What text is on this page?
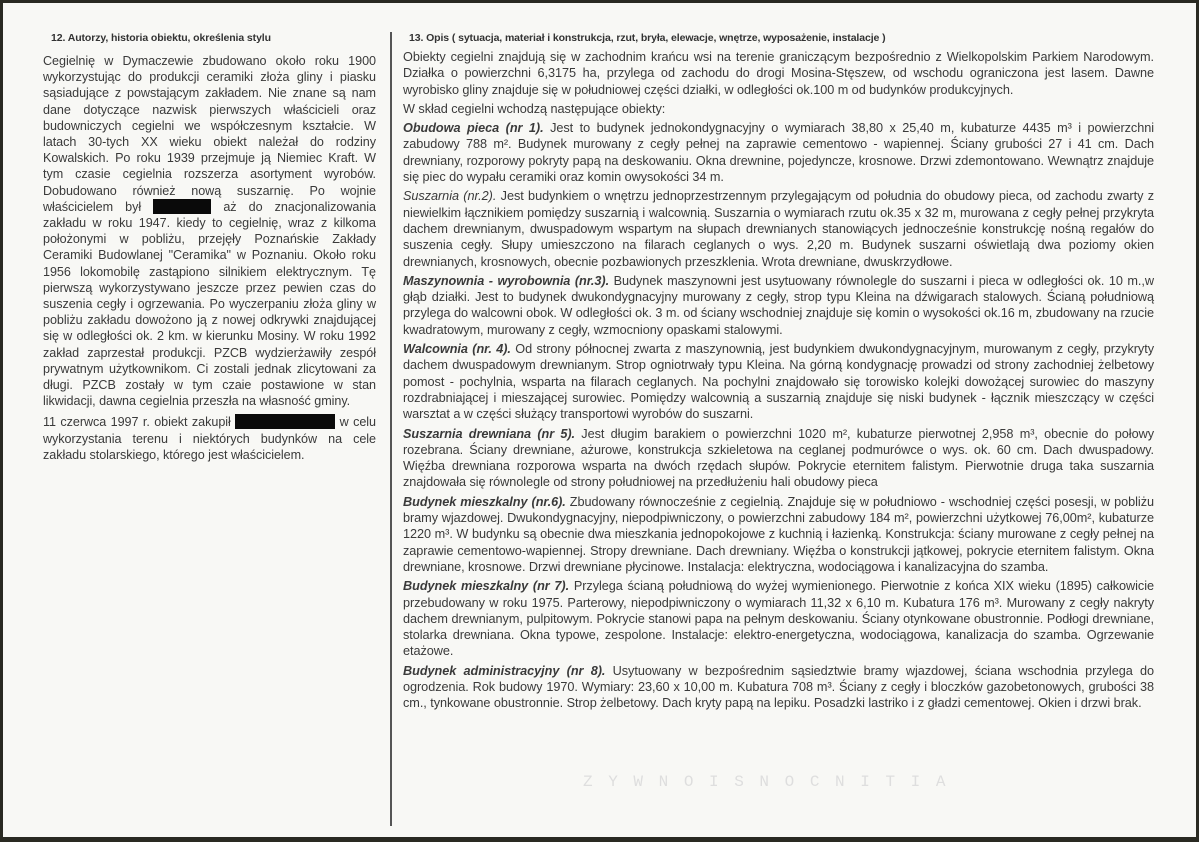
Z Y W N O I S N O C N I T I A
12. Autorzy, historia obiektu, określenia stylu

Cegielnię w Dymaczewie zbudowano około roku 1900 wykorzystując do produkcji ceramiki złoża gliny i piasku sąsiadujące z powstającym zakładem. Nie znane są nam dane dotyczące nazwisk pierwszych właścicieli oraz budowniczych cegielni we współczesnym kształcie. W latach 30-tych XX wieku obiekt należał do rodziny Kowalskich. Po roku 1939 przejmuje ją Niemiec Kraft. W tym czasie cegielnia rozszerza asortyment wyrobów. Dobudowano również nową suszarnię. Po wojnie właścicielem był	aż do znacjonalizowania zakładu w roku 1947. kiedy to cegielnię, wraz z kilkoma położonymi w pobliżu, przejęły Poznańskie Zakłady Ceramiki Budowlanej "Ceramika" w Poznaniu. Około roku 1956 lokomobilę zastąpiono silnikiem elektrycznym. Tę pierwszą wykorzystywano jeszcze przez pewien czas do suszenia cegły i ogrzewania. Po wyczerpaniu złoża gliny w pobliżu zakładu dowożono ją z nowej odkrywki znajdującej się w odległości ok. 2 km. w kierunku Mosiny. W roku 1992 zakład zaprzestał produkcji. PZCB wydzierżawiły zespół prywatnym użytkownikom. Ci zostali jednak zlicytowani za długi. PZCB zostały w tym czaie postawione w stan likwidacji, dawna cegielnia przeszła na własność gminy.

11 czerwca 1997 r. obiekt zakupił	w celu wykorzystania terenu i niektórych budynków na cele zakładu stolarskiego, którego jest właścicielem.

13. Opis ( sytuacja, materiał i konstrukcja, rzut, bryła, elewacje, wnętrze, wyposażenie, instalacje )

Obiekty cegielni znajdują się w zachodnim krańcu wsi na terenie graniczącym bezpośrednio z Wielkopolskim Parkiem Narodowym. Działka o powierzchni 6,3175 ha, przylega od zachodu do drogi Mosina-Stęszew, od wschodu ograniczona jest lasem. Dawne wyrobisko gliny znajduje się w południowej części działki, w odległości ok.100 m od budynków produkcyjnych.

W skład cegielni wchodzą następujące obiekty:

Obudowa pieca (nr 1). Jest to budynek jednokondygnacyjny o wymiarach 38,80 x 25,40 m, kubaturze 4435 m³ i powierzchni zabudowy 788 m². Budynek murowany z cegły pełnej na zaprawie cementowo - wapiennej. Ściany grubości 27 i 41 cm. Dach drewniany, rozporowy pokryty papą na deskowaniu. Okna drewnine, pojedyncze, krosnowe. Drzwi zdemontowano. Wewnątrz znajduje się piec do wypału ceramiki oraz komin owysokości 34 m.

Suszarnia (nr.2). Jest budynkiem o wnętrzu jednoprzestrzennym przylegającym od południa do obudowy pieca, od zachodu zwarty z niewielkim łącznikiem pomiędzy suszarnią i walcownią. Suszarnia o wymiarach rzutu ok.35 x 32 m, murowana z cegły pełnej przykryta dachem drewnianym, dwuspadowym wspartym na słupach drewnianych stanowiących jednocześnie konstrukcję nośną regałów do suszenia cegły. Słupy umieszczono na filarach ceglanych o wys. 2,20 m. Budynek suszarni oświetlają dwa poziomy okien drewnianych, krosnowych, obecnie pozbawionych przeszklenia. Wrota drewniane, dwuskrzydłowe.

Maszynownia - wyrobownia (nr.3). Budynek maszynowni jest usytuowany równolegle do suszarni i pieca w odległości ok. 10 m.,w głąb działki. Jest to budynek dwukondygnacyjny murowany z cegły, strop typu Kleina na dźwigarach stalowych. Ścianą południową przylega do walcowni obok. W odległości ok. 3 m. od ściany wschodniej znajduje się komin o wysokości ok.16 m, zbudowany na rzucie kwadratowym, murowany z cegły, wzmocniony opaskami stalowymi.

Walcownia (nr. 4). Od strony północnej zwarta z maszynownią, jest budynkiem dwukondygnacyjnym, murowanym z cegły, przykryty dachem dwuspadowym drewnianym. Strop ogniotrwały typu Kleina. Na górną kondygnację prowadzi od strony zachodniej żelbetowy pomost - pochylnia, wsparta na filarach ceglanych. Na pochylni znajdowało się torowisko kolejki dowożącej surowiec do maszyny rozdrabniającej i mieszającej surowiec. Pomiędzy walcownią a suszarnią znajduje się niski budynek - łącznik mieszczący w części warsztat a w części służący transportowi wyrobów do suszarni.

Suszarnia drewniana (nr 5). Jest długim barakiem o powierzchni 1020 m², kubaturze pierwotnej 2,958 m³, obecnie do połowy rozebrana. Ściany drewniane, ażurowe, konstrukcja szkieletowa na ceglanej podmurówce o wys. ok. 60 cm. Dach dwuspadowy. Więźba drewniana rozporowa wsparta na dwóch rzędach słupów. Pokrycie eternitem falistym. Pierwotnie druga taka suszarnia znajdowała się równolegle od strony południowej na przedłużeniu hali obudowy pieca

Budynek mieszkalny (nr.6). Zbudowany równocześnie z cegielnią. Znajduje się w południowo - wschodniej części posesji, w pobliżu bramy wjazdowej. Dwukondygnacyjny, niepodpiwniczony, o powierzchni zabudowy 184 m², powierzchni użytkowej 76,00m², kubaturze 1220 m³. W budynku są obecnie dwa mieszkania jednopokojowe z kuchnią i łazienką. Konstrukcja: ściany murowane z cegły pełnej na zaprawie cementowo-wapiennej. Stropy drewniane. Dach drewniany. Więźba o konstrukcji jątkowej, pokrycie eternitem falistym. Okna drewniane, krosnowe. Drzwi drewniane płycinowe. Instalacja: elektryczna, wodociągowa i kanalizacyjna do szamba.

Budynek mieszkalny (nr 7). Przylega ścianą południową do wyżej wymienionego. Pierwotnie z końca XIX wieku (1895) całkowicie przebudowany w roku 1975. Parterowy, niepodpiwniczony o wymiarach 11,32 x 6,10 m. Kubatura 176 m³. Murowany z cegły nakryty dachem drewnianym, pulpitowym. Pokrycie stanowi papa na pełnym deskowaniu. Ściany otynkowane obustronnie. Podłogi drewniane, stolarka drewniana. Okna typowe, zespolone. Instalacje: elektro-energetyczna, wodociągowa, kanalizacja do szamba. Ogrzewanie etażowe.

Budynek administracyjny (nr 8). Usytuowany w bezpośrednim sąsiedztwie bramy wjazdowej, ściana wschodnia przylega do ogrodzenia. Rok budowy 1970. Wymiary: 23,60 x 10,00 m. Kubatura 708 m³. Ściany z cegły i bloczków gazobetonowych, grubości 38 cm., tynkowane obustronnie. Strop żelbetowy. Dach kryty papą na lepiku. Posadzki lastriko i z gładzi cementowej. Okien i drzwi brak.
